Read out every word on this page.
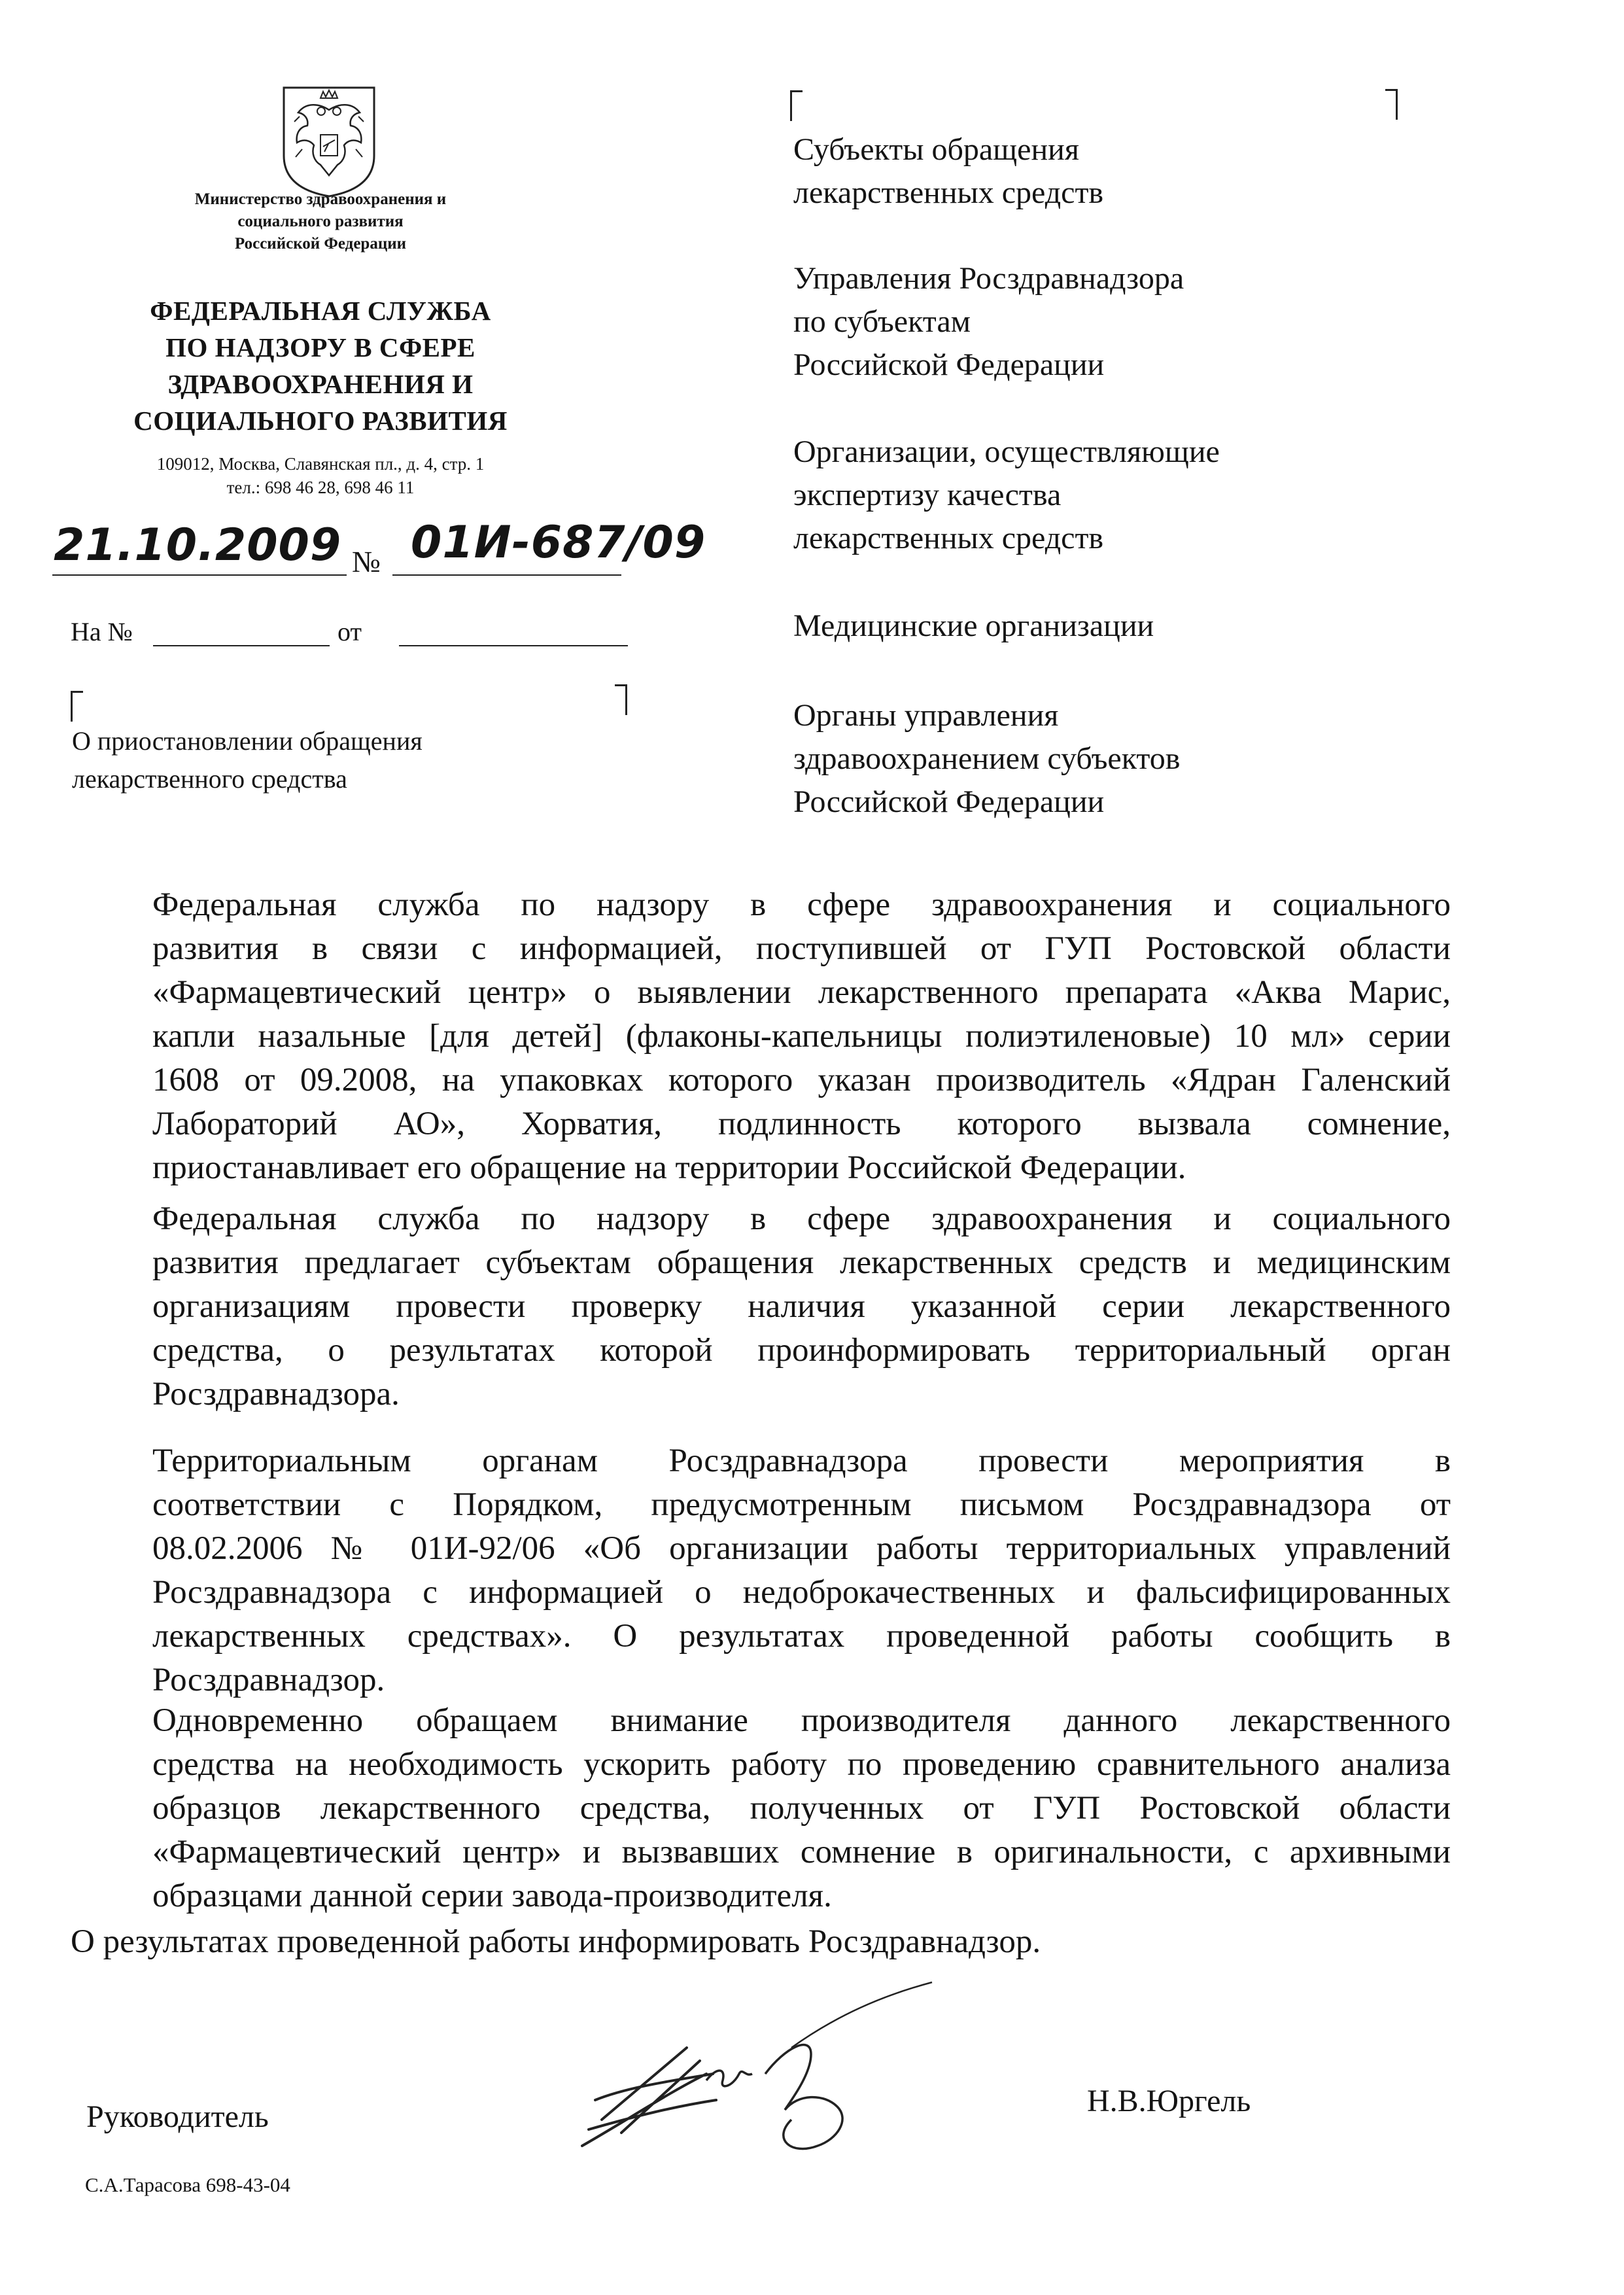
Министерство здравоохранения и
социального развития
Российской Федерации
ФЕДЕРАЛЬНАЯ СЛУЖБА
ПО НАДЗОРУ В СФЕРЕ
ЗДРАВООХРАНЕНИЯ И
СОЦИАЛЬНОГО РАЗВИТИЯ
109012, Москва, Славянская пл., д. 4, стр. 1
тел.: 698 46 28, 698 46 11
21.10.2009 № 01И-687/09
На №	от
О приостановлении обращения
лекарственного средства
Субъекты обращения
лекарственных средств
Управления Росздравнадзора
по субъектам
Российской Федерации
Организации, осуществляющие
экспертизу качества
лекарственных средств
Медицинские организации
Органы управления
здравоохранением субъектов
Российской Федерации
Федеральная служба по надзору в сфере здравоохранения и социального
развития в связи с информацией, поступившей от ГУП Ростовской области
«Фармацевтический центр» о выявлении лекарственного препарата «Аква Марис,
капли назальные [для детей] (флаконы-капельницы полиэтиленовые) 10 мл» серии
1608 от 09.2008, на упаковках которого указан производитель «Ядран Галенский
Лабораторий АО», Хорватия, подлинность которого вызвала сомнение,
приостанавливает его обращение на территории Российской Федерации.
Федеральная служба по надзору в сфере здравоохранения и социального
развития предлагает субъектам обращения лекарственных средств и медицинским
организациям провести проверку наличия указанной серии лекарственного
средства, о результатах которой проинформировать территориальный орган
Росздравнадзора.
Территориальным органам Росздравнадзора провести мероприятия в
соответствии с Порядком, предусмотренным письмом Росздравнадзора от
08.02.2006 № 01И-92/06 «Об организации работы территориальных управлений
Росздравнадзора с информацией о недоброкачественных и фальсифицированных
лекарственных средствах». О результатах проведенной работы сообщить в
Росздравнадзор.
Одновременно обращаем внимание производителя данного лекарственного
средства на необходимость ускорить работу по проведению сравнительного анализа
образцов лекарственного средства, полученных от ГУП Ростовской области
«Фармацевтический центр» и вызвавших сомнение в оригинальности, с архивными
образцами данной серии завода-производителя.
О результатах проведенной работы информировать Росздравнадзор.
Руководитель	Н.В.Юргель
С.А.Тарасова 698-43-04
